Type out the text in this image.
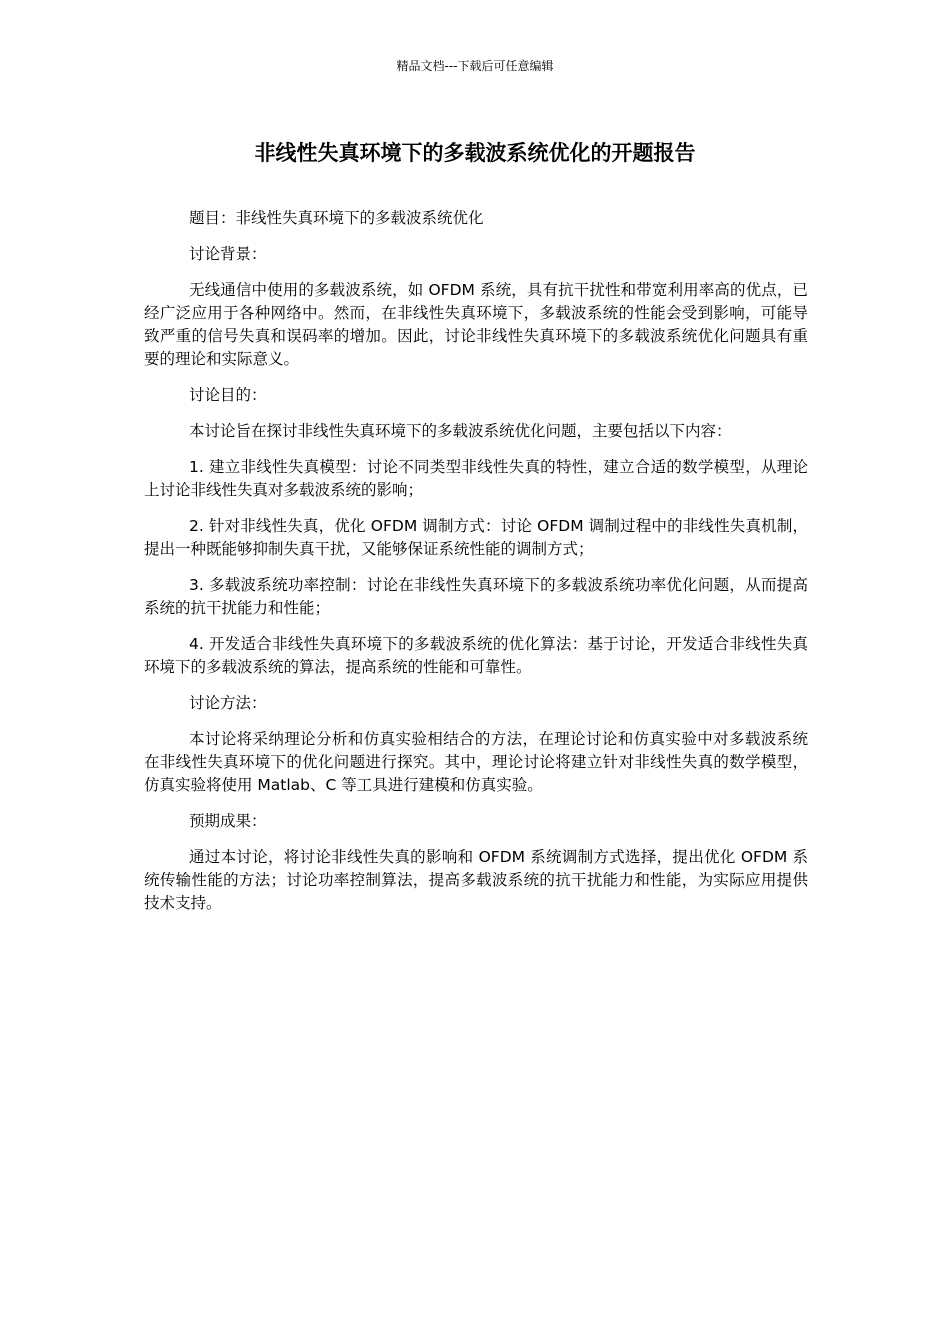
精品文档---下载后可任意编辑
非线性失真环境下的多载波系统优化的开题报告

题目：非线性失真环境下的多载波系统优化

讨论背景：

无线通信中使用的多载波系统，如 OFDM 系统，具有抗干扰性和带宽利用率高的优点，已经广泛应用于各种网络中。然而，在非线性失真环境下，多载波系统的性能会受到影响，可能导致严重的信号失真和误码率的增加。因此，讨论非线性失真环境下的多载波系统优化问题具有重要的理论和实际意义。

讨论目的：

本讨论旨在探讨非线性失真环境下的多载波系统优化问题，主要包括以下内容：

1. 建立非线性失真模型：讨论不同类型非线性失真的特性，建立合适的数学模型，从理论上讨论非线性失真对多载波系统的影响；

2. 针对非线性失真，优化 OFDM 调制方式：讨论 OFDM 调制过程中的非线性失真机制，提出一种既能够抑制失真干扰，又能够保证系统性能的调制方式；

3. 多载波系统功率控制：讨论在非线性失真环境下的多载波系统功率优化问题，从而提高系统的抗干扰能力和性能；

4. 开发适合非线性失真环境下的多载波系统的优化算法：基于讨论，开发适合非线性失真环境下的多载波系统的算法，提高系统的性能和可靠性。

讨论方法：

本讨论将采纳理论分析和仿真实验相结合的方法，在理论讨论和仿真实验中对多载波系统在非线性失真环境下的优化问题进行探究。其中，理论讨论将建立针对非线性失真的数学模型，仿真实验将使用 Matlab、C 等工具进行建模和仿真实验。

预期成果：

通过本讨论，将讨论非线性失真的影响和 OFDM 系统调制方式选择，提出优化 OFDM 系统传输性能的方法；讨论功率控制算法，提高多载波系统的抗干扰能力和性能，为实际应用提供技术支持。
